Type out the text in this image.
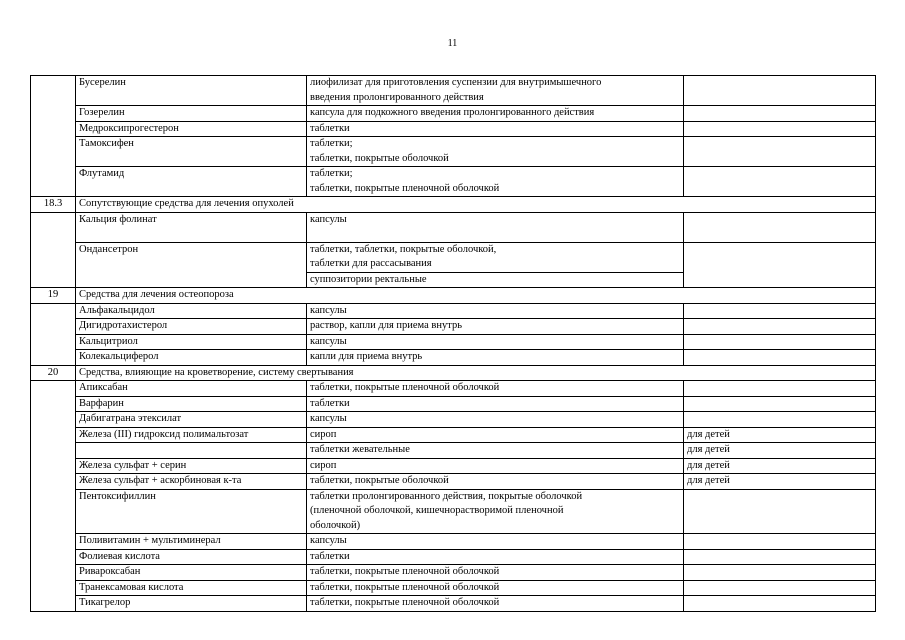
11
	Бусерелин	лиофилизат для приготовления суспензии для внутримышечного
введения пролонгированного действия	

	Гозерелин	капсула для подкожного введения пролонгированного действия	

	Медроксипрогестерон	таблетки	

	Тамоксифен	таблетки;
таблетки, покрытые оболочкой	

	Флутамид	таблетки;
таблетки, покрытые пленочной оболочкой	

18.3	Сопутствующие средства для лечения опухолей		
	Кальция фолинат	капсулы	

	Ондансетрон	таблетки, таблетки, покрытые оболочкой,
таблетки для рассасывания	

		суппозитории ректальные	

19	Средства для лечения остеопороза		
	Альфакальцидол	капсулы	

	Дигидротахистерол	раствор, капли для приема внутрь	

	Кальцитриол	капсулы	

	Колекальциферол	капли для приема внутрь	

20	Средства, влияющие на кроветворение, систему свертывания		
	Апиксабан	таблетки, покрытые пленочной оболочкой	

	Варфарин	таблетки	

	Дабигатрана этексилат	капсулы	

	Железа (III) гидроксид полимальтозат	сироп	для детей

		таблетки жевательные	для детей
	Железа сульфат + серин	сироп	для детей
	Железа сульфат + аскорбиновая к-та	таблетки, покрытые оболочкой	для детей
	Пентоксифиллин	таблетки пролонгированного действия, покрытые оболочкой
(пленочной оболочкой, кишечнорастворимой пленочной
оболочкой)	

	Поливитамин + мультиминерал	капсулы	

	Фолиевая кислота	таблетки	

	Ривароксабан	таблетки, покрытые пленочной оболочкой	

	Транексамовая кислота	таблетки, покрытые пленочной оболочкой	

	Тикагрелор	таблетки, покрытые пленочной оболочкой	
